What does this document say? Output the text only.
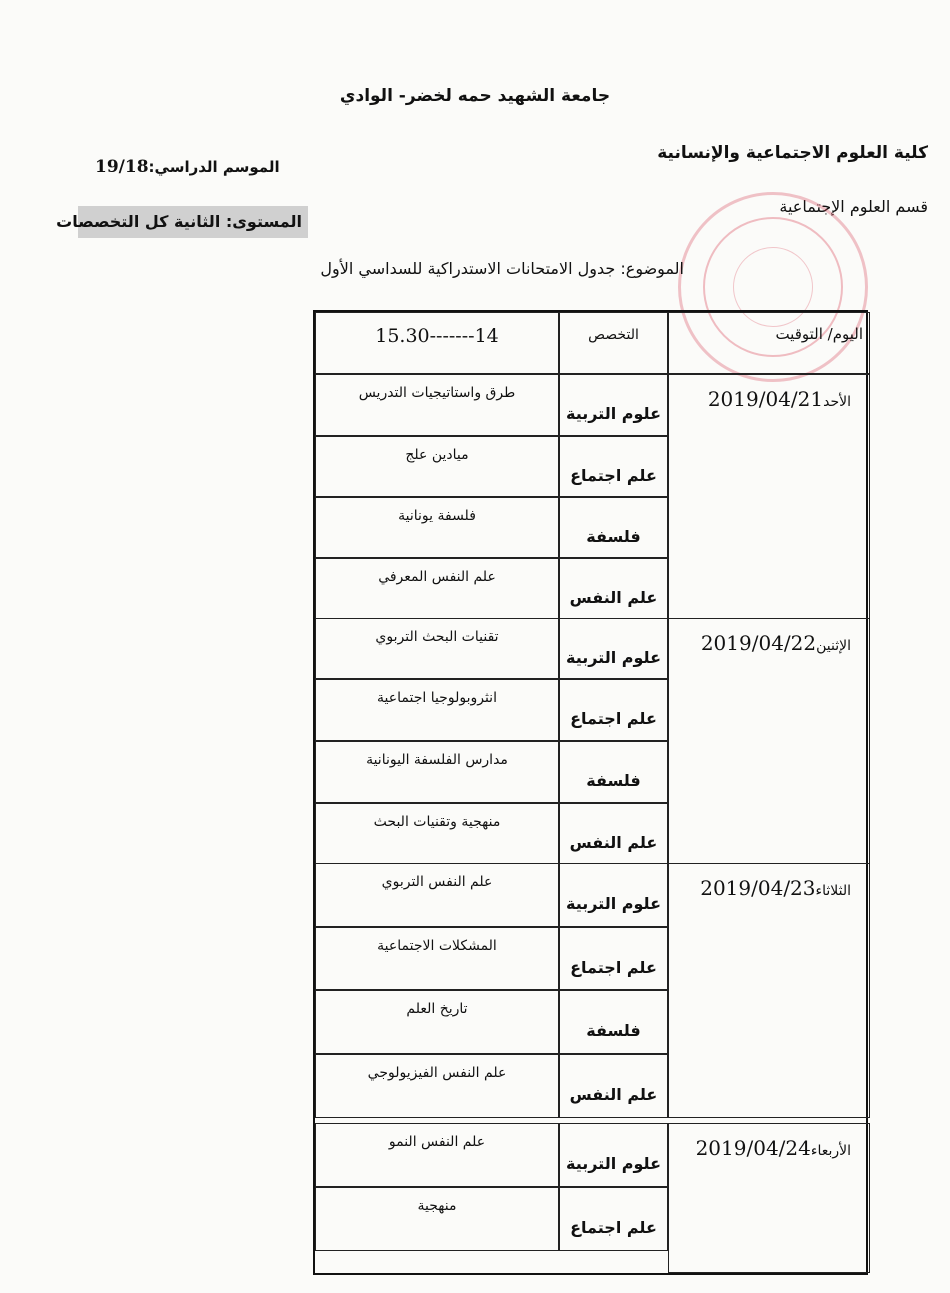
جامعة الشهيد حمه لخضر- الوادي
كلية العلوم الاجتماعية والإنسانية
قسم العلوم الإجتماعية
الموسم الدراسي:19/18
المستوى: الثانية كل التخصصات
الموضوع: جدول الامتحانات الاستدراكية للسداسي الأول
15.30-------14	التخصص	اليوم/ التوقيت
الأحد2019/04/21
علوم التربية
طرق واستاتيجيات التدريس
علم اجتماع
ميادين علج
فلسفة
فلسفة يونانية
علم النفس
علم النفس المعرفي
الإثنين2019/04/22
علوم التربية
تقنيات البحث التربوي
علم اجتماع
انثروبولوجيا اجتماعية
فلسفة
مدارس الفلسفة اليونانية
علم النفس
منهجية وتقنيات البحث
الثلاثاء2019/04/23
علوم التربية
علم النفس التربوي
علم اجتماع
المشكلات الاجتماعية
فلسفة
تاريخ العلم
علم النفس
علم النفس الفيزيولوجي
الأربعاء2019/04/24
علوم التربية
علم النفس النمو
علم اجتماع
منهجية
